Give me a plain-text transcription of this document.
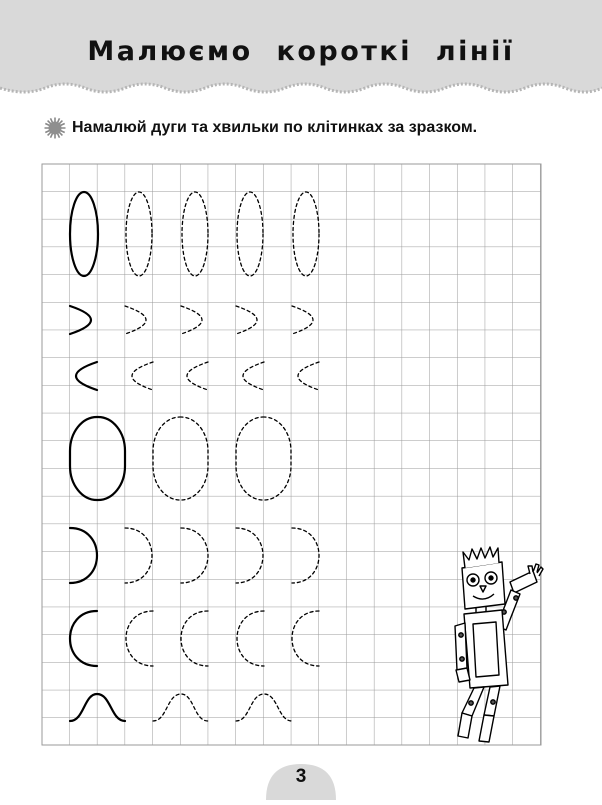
Малюємо короткі лінії
Намалюй дуги та хвильки по клітинках за зразком.
3
